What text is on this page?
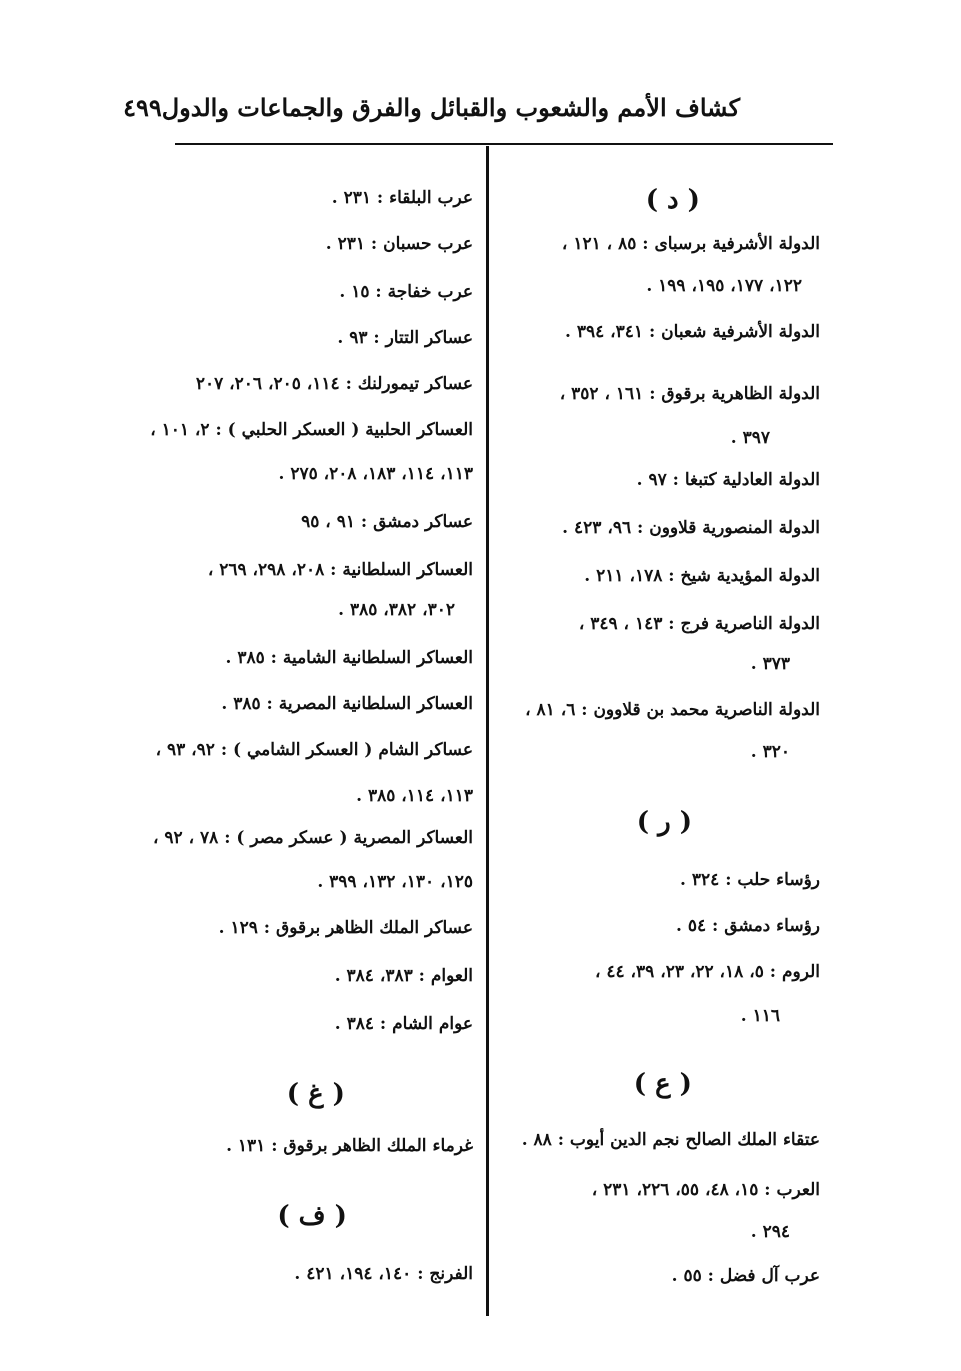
كشاف الأمم والشعوب والقبائل والفرق والجماعات والدول
٤٩٩
( د )
الدولة الأشرفية برسباى : ٨٥ ، ١٢١ ،
١٢٢، ١٧٧، ١٩٥، ١٩٩ .
الدولة الأشرفية شعبان : ٣٤١، ٣٩٤ .
الدولة الظاهرية برقوق : ١٦١ ، ٣٥٢ ،
٣٩٧ .
الدولة العادلية كتبغا : ٩٧ .
الدولة المنصورية قلاوون : ٩٦، ٤٢٣ .
الدولة المؤيدية شيخ : ١٧٨، ٢١١ .
الدولة الناصرية فرج : ١٤٣ ، ٣٤٩ ،
٣٧٣ .
الدولة الناصرية محمد بن قلاوون : ٦، ٨١ ،
٣٢٠ .
( ر )
رؤساء حلب : ٣٢٤ .
رؤساء دمشق : ٥٤ .
الروم : ٥، ١٨، ٢٢، ٢٣، ٣٩، ٤٤ ،
١١٦ .
( ع )
عتقاء الملك الصالح نجم الدين أيوب : ٨٨ .
العرب : ١٥، ٤٨، ٥٥، ٢٢٦، ٢٣١ ،
٢٩٤ .
عرب آل فضل : ٥٥ .
عرب البلقاء : ٢٣١ .
عرب حسبان : ٢٣١ .
عرب خفاجة : ١٥ .
عساكر التتار : ٩٣ .
عساكر تيمورلنك : ١١٤، ٢٠٥، ٢٠٦، ٢٠٧
العساكر الحلبية ( العسكر الحلبي ) : ٢، ١٠١ ،
١١٣، ١١٤، ١٨٣، ٢٠٨، ٢٧٥ .
عساكر دمشق : ٩١ ، ٩٥
العساكر السلطانية : ٢٠٨، ٢٩٨، ٢٦٩ ،
٣٠٢، ٣٨٢، ٣٨٥ .
العساكر السلطانية الشامية : ٣٨٥ .
العساكر السلطانية المصرية : ٣٨٥ .
عساكر الشام ( العسكر الشامي ) : ٩٢، ٩٣ ،
١١٣، ١١٤، ٣٨٥ .
العساكر المصرية ( عسكر مصر ) : ٧٨ ، ٩٢ ،
١٢٥، ١٣٠، ١٣٢، ٣٩٩ .
عساكر الملك الظاهر برقوق : ١٢٩ .
العوام : ٣٨٣، ٣٨٤ .
عوام الشام : ٣٨٤ .
( غ )
غرماء الملك الظاهر برقوق : ١٣١ .
( ف )
الفرنج : ١٤٠، ١٩٤، ٤٢١ .
